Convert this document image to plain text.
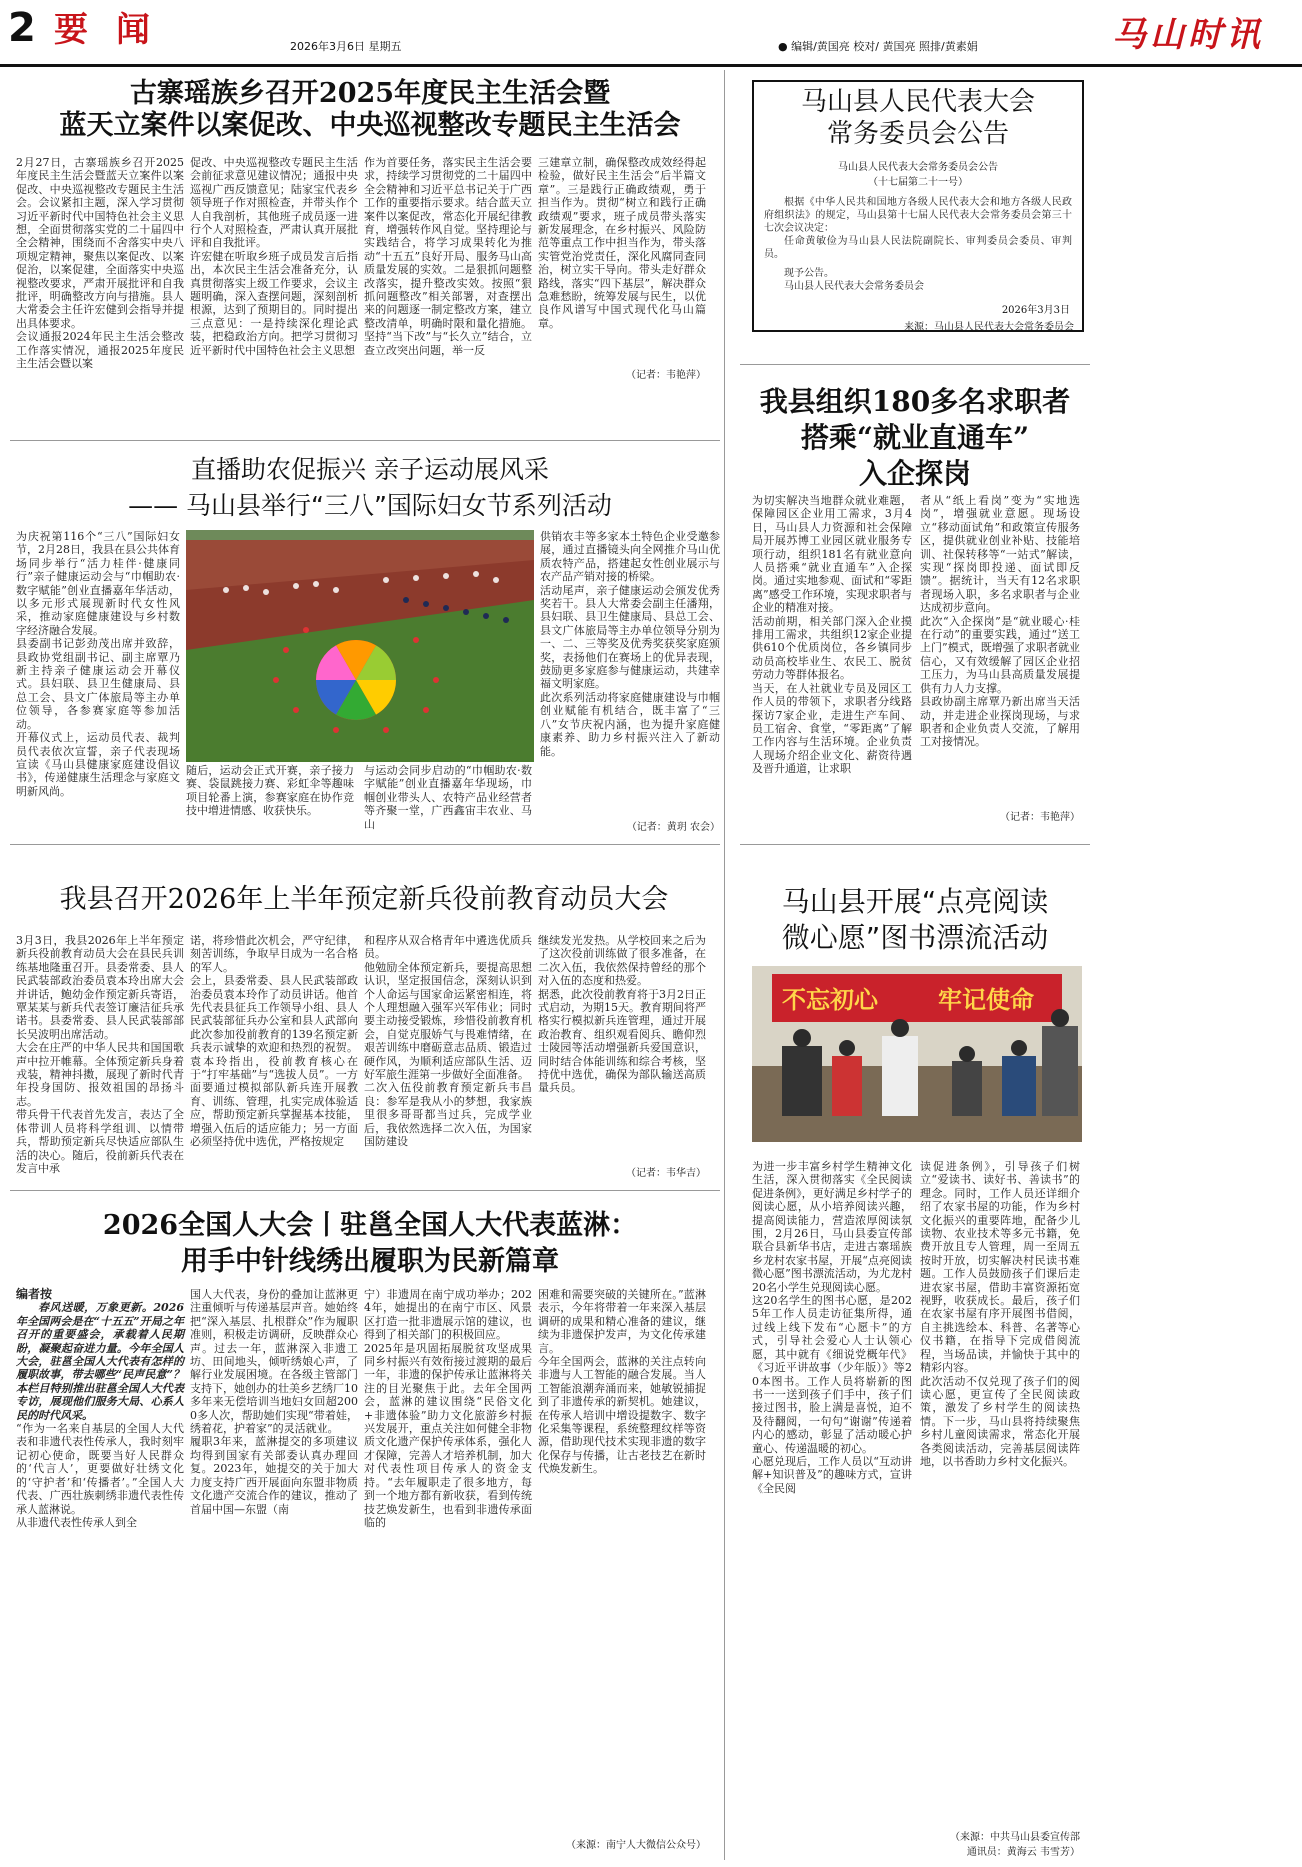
2 要闻	2026年3月6日 星期五	● 编辑/黄国亮 校对/ 黄国亮 照排/黄素娟	马山时讯
古寨瑶族乡召开2025年度民主生活会暨
蓝天立案件以案促改、中央巡视整改专题民主生活会
2月27日，古寨瑶族乡召开2025年度民主生活会暨蓝天立案件以案促改、中央巡视整改专题民主生活会。会议紧扣主题，深入学习贯彻习近平新时代中国特色社会主义思想，全面贯彻落实党的二十届四中全会精神，围绕而不舍落实中央八项规定精神，聚焦以案促改、以案促治，以案促建，全面落实中央巡视整改要求，严肃开展批评和自我批评，明确整改方向与措施。县人大常委会主任许宏健到会指导并提出具体要求。
会议通报2024年民主生活会整改工作落实情况，通报2025年度民主生活会暨以案
促改、中央巡视整改专题民主生活会前征求意见建议情况；通报中央巡视广西反馈意见；陆家宝代表乡领导班子作对照检查，并带头作个人自我剖析，其他班子成员逐一进行个人对照检查，严肃认真开展批评和自我批评。
许宏健在听取乡班子成员发言后指出，本次民主生活会准备充分，认真贯彻落实上级工作要求，会议主题明确，深入查摆问题，深刻剖析根源，达到了预期目的。同时提出三点意见：一是持续深化理论武装，把稳政治方向。把学习贯彻习近平新时代中国特色社会主义思想
作为首要任务，落实民主生活会要求，持续学习贯彻党的二十届四中全会精神和习近平总书记关于广西工作的重要指示要求。结合蓝天立案件以案促改，常态化开展纪律教育，增强转作风自觉。坚持理论与实践结合，将学习成果转化为推动“十五五”良好开局、服务马山高质量发展的实效。二是狠抓问题整改落实，提升整改实效。按照“狠抓问题整改”相关部署，对查摆出来的问题逐一制定整改方案，建立整改清单，明确时限和量化措施。坚持“当下改”与“长久立”结合，立查立改突出问题，举一反
三建章立制，确保整改成效经得起检验，做好民主生活会“后半篇文章”。三是践行正确政绩观，勇于担当作为。贯彻“树立和践行正确政绩观”要求，班子成员带头落实新发展理念，在乡村振兴、风险防范等重点工作中担当作为，带头落实管党治党责任，深化风腐同查同治，树立实干导向。带头走好群众路线，落实“四下基层”，解决群众急难愁盼，统筹发展与民生，以优良作风谱写中国式现代化马山篇章。
（记者：韦艳萍）
马山县人民代表大会
常务委员会公告
马山县人民代表大会常务委员会公告
（十七届第二十一号）
根据《中华人民共和国地方各级人民代表大会和地方各级人民政府组织法》的规定，马山县第十七届人民代表大会常务委员会第三十七次会议决定：
任命黄敏俭为马山县人民法院副院长、审判委员会委员、审判员。
现予公告。
马山县人民代表大会常务委员会
2026年3月3日
来源：马山县人民代表大会常务委员会
我县组织180多名求职者
搭乘“就业直通车”
入企探岗
为切实解决当地群众就业难题，保障园区企业用工需求，3月4日，马山县人力资源和社会保障局开展苏博工业园区就业服务专项行动，组织181名有就业意向人员搭乘“就业直通车”入企探岗。通过实地参观、面试和“零距离”感受工作环境，实现求职者与企业的精准对接。
活动前期，相关部门深入企业摸排用工需求，共组织12家企业提供610个优质岗位，各乡镇同步动员高校毕业生、农民工、脱贫劳动力等群体报名。
当天，在人社就业专员及园区工作人员的带领下，求职者分线路探访7家企业，走进生产车间、员工宿舍、食堂，“零距离”了解工作内容与生活环境。企业负责人现场介绍企业文化、薪资待遇及晋升通道，让求职
者从“纸上看岗”变为“实地选岗”，增强就业意愿。现场设立“移动面试角”和政策宣传服务区，提供就业创业补贴、技能培训、社保转移等“一站式”解读，实现“探岗即投递、面试即反馈”。据统计，当天有12名求职者现场入职，多名求职者与企业达成初步意向。
此次“入企探岗”是“就业暖心·桂在行动”的重要实践，通过“送工上门”模式，既增强了求职者就业信心，又有效缓解了园区企业招工压力，为马山县高质量发展提供有力人力支撑。
县政协副主席覃乃新出席当天活动，并走进企业探岗现场，与求职者和企业负责人交流，了解用工对接情况。
（记者：韦艳萍）
直播助农促振兴 亲子运动展风采
—— 马山县举行“三八”国际妇女节系列活动
为庆祝第116个“三八”国际妇女节，2月28日，我县在县公共体育场同步举行“活力桂伴·健康同行”亲子健康运动会与“巾帼助农·数字赋能”创业直播嘉年华活动，以多元形式展现新时代女性风采，推动家庭健康建设与乡村数字经济融合发展。
县委副书记彭劲茂出席并致辞，县政协党组副书记、副主席覃乃新主持亲子健康运动会开幕仪式。县妇联、县卫生健康局、县总工会、县文广体旅局等主办单位领导，各参赛家庭等参加活动。
开幕仪式上，运动员代表、裁判员代表依次宣誓，亲子代表现场宣读《马山县健康家庭建设倡议书》，传递健康生活理念与家庭文明新风尚。
随后，运动会正式开赛，亲子接力赛、袋鼠跳接力赛、彩虹伞等趣味项目轮番上演，参赛家庭在协作竞技中增进情感、收获快乐。
与运动会同步启动的“巾帼助农·数字赋能”创业直播嘉年华现场，巾帼创业带头人、农特产品业经营者等齐聚一堂，广西鑫宙丰农业、马山
供销农丰等多家本土特色企业受邀参展，通过直播镜头向全网推介马山优质农特产品，搭建起女性创业展示与农产品产销对接的桥梁。
活动尾声，亲子健康运动会颁发优秀奖若干。县人大常委会副主任潘翔，县妇联、县卫生健康局、县总工会、县文广体旅局等主办单位领导分别为一、二、三等奖及优秀奖获奖家庭颁奖，表扬他们在赛场上的优异表现，鼓励更多家庭参与健康运动，共建幸福文明家庭。
此次系列活动将家庭健康建设与巾帼创业赋能有机结合，既丰富了“三八”女节庆祝内涵，也为提升家庭健康素养、助力乡村振兴注入了新动能。
（记者：黄玥 农会）
我县召开2026年上半年预定新兵役前教育动员大会
3月3日，我县2026年上半年预定新兵役前教育动员大会在县民兵训练基地隆重召开。县委常委、县人民武装部政治委员袁本玲出席大会并讲话，鲍幼金作预定新兵寄语，覃某某与新兵代表签订廉洁征兵承诺书。县委常委、县人民武装部部长吴波明出席活动。
大会在庄严的中华人民共和国国歌声中拉开帷幕。全体预定新兵身着戎装，精神抖擞，展现了新时代青年投身国防、报效祖国的昂扬斗志。
带兵骨干代表首先发言，表达了全体带训人员将科学组训、以情带兵，帮助预定新兵尽快适应部队生活的决心。随后，役前新兵代表在发言中承
诺，将珍惜此次机会，严守纪律，刻苦训练，争取早日成为一名合格的军人。
会上，县委常委、县人民武装部政治委员袁本玲作了动员讲话。他首先代表县征兵工作领导小组、县人民武装部征兵办公室和县人武部向此次参加役前教育的139名预定新兵表示诚挚的欢迎和热烈的祝贺。袁本玲指出，役前教育核心在于“打牢基础”与“选拔人员”。一方面要通过模拟部队新兵连开展教育、训练、管理，扎实完成体验适应，帮助预定新兵掌握基本技能，增强入伍后的适应能力；另一方面必须坚持优中选优，严格按规定
和程序从双合格青年中遴选优质兵员。
他勉励全体预定新兵，要提高思想认识，坚定报国信念，深刻认识到个人命运与国家命运紧密相连，将个人理想融入强军兴军伟业；同时要主动接受锻炼，珍惜役前教育机会，自觉克服娇气与畏难情绪，在艰苦训练中磨砺意志品质、锻造过硬作风，为顺利适应部队生活、迈好军旅生涯第一步做好全面准备。
二次入伍役前教育预定新兵韦昌良：参军是我从小的梦想，我家族里很多哥哥都当过兵，完成学业后，我依然选择二次入伍，为国家国防建设
继续发光发热。从学校回来之后为了这次役前训练做了很多准备，在二次入伍，我依然保持曾经的那个对入伍的态度和热爱。
据悉，此次役前教育将于3月2日正式启动，为期15天。教育期间将严格实行模拟新兵连管理，通过开展政治教育、组织观看阅兵、瞻仰烈士陵园等活动增强新兵爱国意识，同时结合体能训练和综合考核，坚持优中选优，确保为部队输送高质量兵员。
（记者：韦华吉）
2026全国人大会丨驻邕全国人大代表蓝淋：
用手中针线绣出履职为民新篇章
编者按
春风送暖，万象更新。2026年全国两会是在“十五五”开局之年召开的重要盛会，承载着人民期盼，凝聚起奋进力量。今年全国人大会，驻邕全国人大代表有怎样的履职故事，带去哪些“民声民意”？本栏目特别推出驻邕全国人大代表专访，展现他们服务大局、心系人民的时代风采。
“作为一名来自基层的全国人大代表和非遗代表性传承人，我时刻牢记初心使命，既要当好人民群众的‘代言人’，更要做好壮绣文化的‘守护者’和‘传播者’。”全国人大代表、广西壮族刺绣非遗代表性传承人蓝淋说。
从非遗代表性传承人到全
国人大代表，身份的叠加让蓝淋更注重倾听与传递基层声音。她始终把“深入基层、扎根群众”作为履职准则，积极走访调研，反映群众心声。过去一年，蓝淋深入非遗工坊、田间地头，倾听绣娘心声，了解行业发展困境。在各级主管部门支持下，她创办的壮美乡艺绣厂10多年来无偿培训当地妇女回超2000多人次，帮助她们实现“带着娃，绣着花，护着家”的灵活就业。
履职3年来，蓝淋提交的多项建议均得到国家有关部委认真办理回复。2023年，她提交的关于加大力度支持广西开展面向东盟非物质文化遗产交流合作的建议，推动了首届中国—东盟（南
宁）非遗周在南宁成功举办；2024年，她提出的在南宁市区、风景区打造一批非遗展示馆的建议，也得到了相关部门的积极回应。
2025年是巩固拓展脱贫攻坚成果同乡村振兴有效衔接过渡期的最后一年，非遗的保护传承让蓝淋将关注的目光聚焦于此。去年全国两会，蓝淋的建议围绕“民俗文化+非遗体验”助力文化旅游乡村振兴发展开，重点关注如何健全非物质文化遗产保护传承体系，强化人才保障，完善人才培养机制，加大对代表性项目传承人的资金支持。“去年履职走了很多地方，每到一个地方都有新收获，看到传统技艺焕发新生，也看到非遗传承面临的
困难和需要突破的关键所在。”蓝淋表示，今年将带着一年来深入基层调研的成果和精心准备的建议，继续为非遗保护发声，为文化传承建言。
今年全国两会，蓝淋的关注点转向非遗与人工智能的融合发展。当人工智能浪潮奔涌而来，她敏锐捕捉到了非遗传承的新契机。她建议，在传承人培训中增设提数字、数字化采集等课程，系统整理纹样等资源，借助现代技术实现非遗的数字化保存与传播，让古老技艺在新时代焕发新生。
（来源：南宁人大微信公众号）
马山县开展“点亮阅读
微心愿”图书漂流活动
不忘初心	牢记使命
为进一步丰富乡村学生精神文化生活，深入贯彻落实《全民阅读促进条例》，更好满足乡村学子的阅读心愿，从小培养阅读兴趣，提高阅读能力，营造浓厚阅读氛围，2月26日，马山县委宣传部联合县新华书店，走进古寨瑶族乡龙村农家书屋，开展“点亮阅读微心愿”图书漂流活动，为尤龙村20名小学生兑现阅读心愿。
这20名学生的图书心愿，是2025年工作人员走访征集所得，通过线上线下发布“心愿卡”的方式，引导社会爱心人士认领心愿，其中就有《细说党概年代》《习近平讲故事（少年版）》等20本图书。工作人员将崭新的图书一一送到孩子们手中，孩子们接过图书，脸上满是喜悦，迫不及待翻阅，一句句“谢谢”传递着内心的感动，彰显了活动暖心护童心、传递温暖的初心。
心愿兑现后，工作人员以“互动讲解+知识普及”的趣味方式，宣讲《全民阅
读促进条例》，引导孩子们树立“爱读书、读好书、善读书”的理念。同时，工作人员还详细介绍了农家书屋的功能，作为乡村文化振兴的重要阵地，配备少儿读物、农业技术等多元书籍，免费开放且专人管理，周一至周五按时开放，切实解决村民读书难题。工作人员鼓励孩子们课后走进农家书屋，借助丰富资源拓宽视野，收获成长。最后，孩子们在农家书屋有序开展图书借阅，自主挑选绘本、科普、名著等心仪书籍，在指导下完成借阅流程，当场品读，并愉快于其中的精彩内容。
此次活动不仅兑现了孩子们的阅读心愿，更宣传了全民阅读政策，激发了乡村学生的阅读热情。下一步，马山县将持续聚焦乡村儿童阅读需求，常态化开展各类阅读活动，完善基层阅读阵地，以书香助力乡村文化振兴。
（来源：中共马山县委宣传部
通讯员：黄海云 韦雪芳）
